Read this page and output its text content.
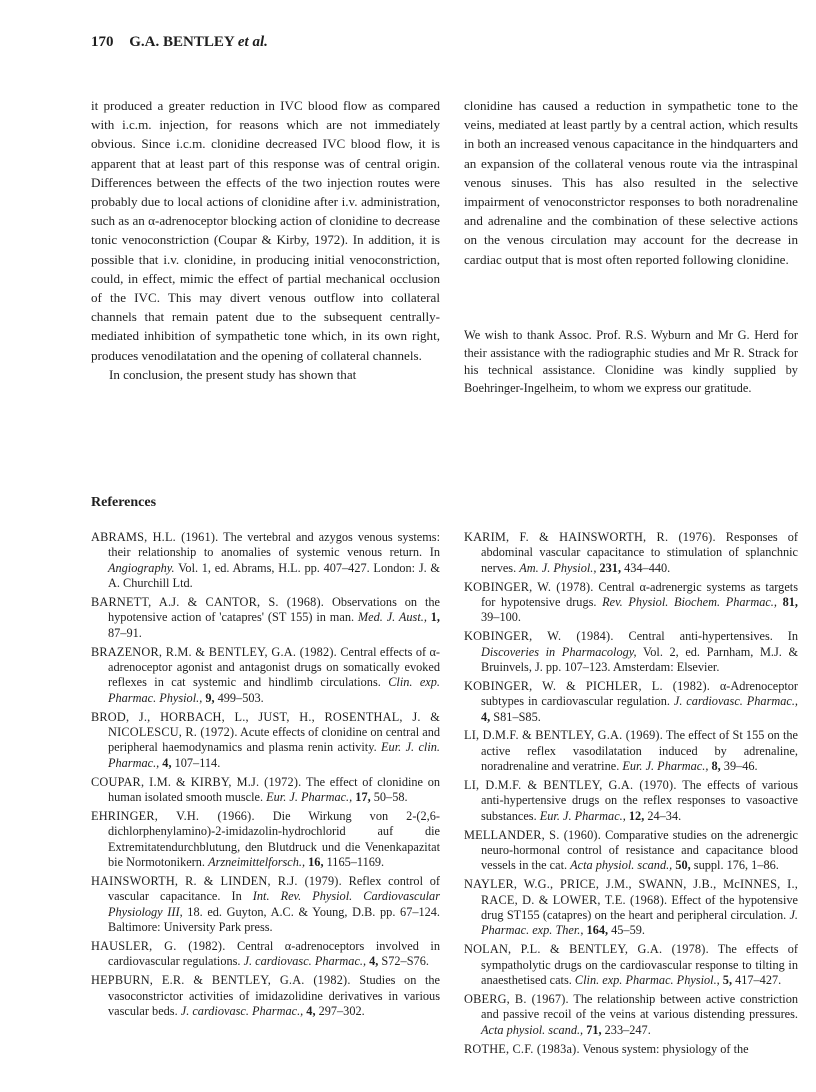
170 G.A. BENTLEY et al.

it produced a greater reduction in IVC blood flow as compared with i.c.m. injection, for reasons which are not immediately obvious. Since i.c.m. clonidine decreased IVC blood flow, it is apparent that at least part of this response was of central origin. Differences between the effects of the two injection routes were probably due to local actions of clonidine after i.v. administration, such as an α-adrenoceptor blocking action of clonidine to decrease tonic venoconstriction (Coupar & Kirby, 1972). In addition, it is possible that i.v. clonidine, in producing initial venoconstriction, could, in effect, mimic the effect of partial mechanical occlusion of the IVC. This may divert venous outflow into collateral channels that remain patent due to the subsequent centrally-mediated inhibition of sympathetic tone which, in its own right, produces venodilatation and the opening of collateral channels.

In conclusion, the present study has shown that

clonidine has caused a reduction in sympathetic tone to the veins, mediated at least partly by a central action, which results in both an increased venous capacitance in the hindquarters and an expansion of the collateral venous route via the intraspinal venous sinuses. This has also resulted in the selective impairment of venoconstrictor responses to both noradrenaline and adrenaline and the combination of these selective actions on the venous circulation may account for the decrease in cardiac output that is most often reported following clonidine.

We wish to thank Assoc. Prof. R.S. Wyburn and Mr G. Herd for their assistance with the radiographic studies and Mr R. Strack for his technical assistance. Clonidine was kindly supplied by Boehringer-Ingelheim, to whom we express our gratitude.

References
ABRAMS, H.L. (1961). The vertebral and azygos venous systems: their relationship to anomalies of systemic venous return. In Angiography. Vol. 1, ed. Abrams, H.L. pp. 407–427. London: J. & A. Churchill Ltd.
BARNETT, A.J. & CANTOR, S. (1968). Observations on the hypotensive action of 'catapres' (ST 155) in man. Med. J. Aust., 1, 87–91.
BRAZENOR, R.M. & BENTLEY, G.A. (1982). Central effects of α-adrenoceptor agonist and antagonist drugs on somatically evoked reflexes in cat systemic and hindlimb circulations. Clin. exp. Pharmac. Physiol., 9, 499–503.
BROD, J., HORBACH, L., JUST, H., ROSENTHAL, J. & NICOLESCU, R. (1972). Acute effects of clonidine on central and peripheral haemodynamics and plasma renin activity. Eur. J. clin. Pharmac., 4, 107–114.
COUPAR, I.M. & KIRBY, M.J. (1972). The effect of clonidine on human isolated smooth muscle. Eur. J. Pharmac., 17, 50–58.
EHRINGER, V.H. (1966). Die Wirkung von 2-(2,6-dichlorphenylamino)-2-imidazolin-hydrochlorid auf die Extremitatendurchblutung, den Blutdruck und die Venenkapazitat bie Normotonikern. Arzneimittelforsch., 16, 1165–1169.
HAINSWORTH, R. & LINDEN, R.J. (1979). Reflex control of vascular capacitance. In Int. Rev. Physiol. Cardiovascular Physiology III, 18. ed. Guyton, A.C. & Young, D.B. pp. 67–124. Baltimore: University Park press.
HAUSLER, G. (1982). Central α-adrenoceptors involved in cardiovascular regulations. J. cardiovasc. Pharmac., 4, S72–S76.
HEPBURN, E.R. & BENTLEY, G.A. (1982). Studies on the vasoconstrictor activities of imidazolidine derivatives in various vascular beds. J. cardiovasc. Pharmac., 4, 297–302.
KARIM, F. & HAINSWORTH, R. (1976). Responses of abdominal vascular capacitance to stimulation of splanchnic nerves. Am. J. Physiol., 231, 434–440.
KOBINGER, W. (1978). Central α-adrenergic systems as targets for hypotensive drugs. Rev. Physiol. Biochem. Pharmac., 81, 39–100.
KOBINGER, W. (1984). Central anti-hypertensives. In Discoveries in Pharmacology, Vol. 2, ed. Parnham, M.J. & Bruinvels, J. pp. 107–123. Amsterdam: Elsevier.
KOBINGER, W. & PICHLER, L. (1982). α-Adrenoceptor subtypes in cardiovascular regulation. J. cardiovasc. Pharmac., 4, S81–S85.
LI, D.M.F. & BENTLEY, G.A. (1969). The effect of St 155 on the active reflex vasodilatation induced by adrenaline, noradrenaline and veratrine. Eur. J. Pharmac., 8, 39–46.
LI, D.M.F. & BENTLEY, G.A. (1970). The effects of various anti-hypertensive drugs on the reflex responses to vasoactive substances. Eur. J. Pharmac., 12, 24–34.
MELLANDER, S. (1960). Comparative studies on the adrenergic neuro-hormonal control of resistance and capacitance blood vessels in the cat. Acta physiol. scand., 50, suppl. 176, 1–86.
NAYLER, W.G., PRICE, J.M., SWANN, J.B., McINNES, I., RACE, D. & LOWER, T.E. (1968). Effect of the hypotensive drug ST155 (catapres) on the heart and peripheral circulation. J. Pharmac. exp. Ther., 164, 45–59.
NOLAN, P.L. & BENTLEY, G.A. (1978). The effects of sympatholytic drugs on the cardiovascular response to tilting in anaesthetised cats. Clin. exp. Pharmac. Physiol., 5, 417–427.
OBERG, B. (1967). The relationship between active constriction and passive recoil of the veins at various distending pressures. Acta physiol. scand., 71, 233–247.
ROTHE, C.F. (1983a). Venous system: physiology of the
